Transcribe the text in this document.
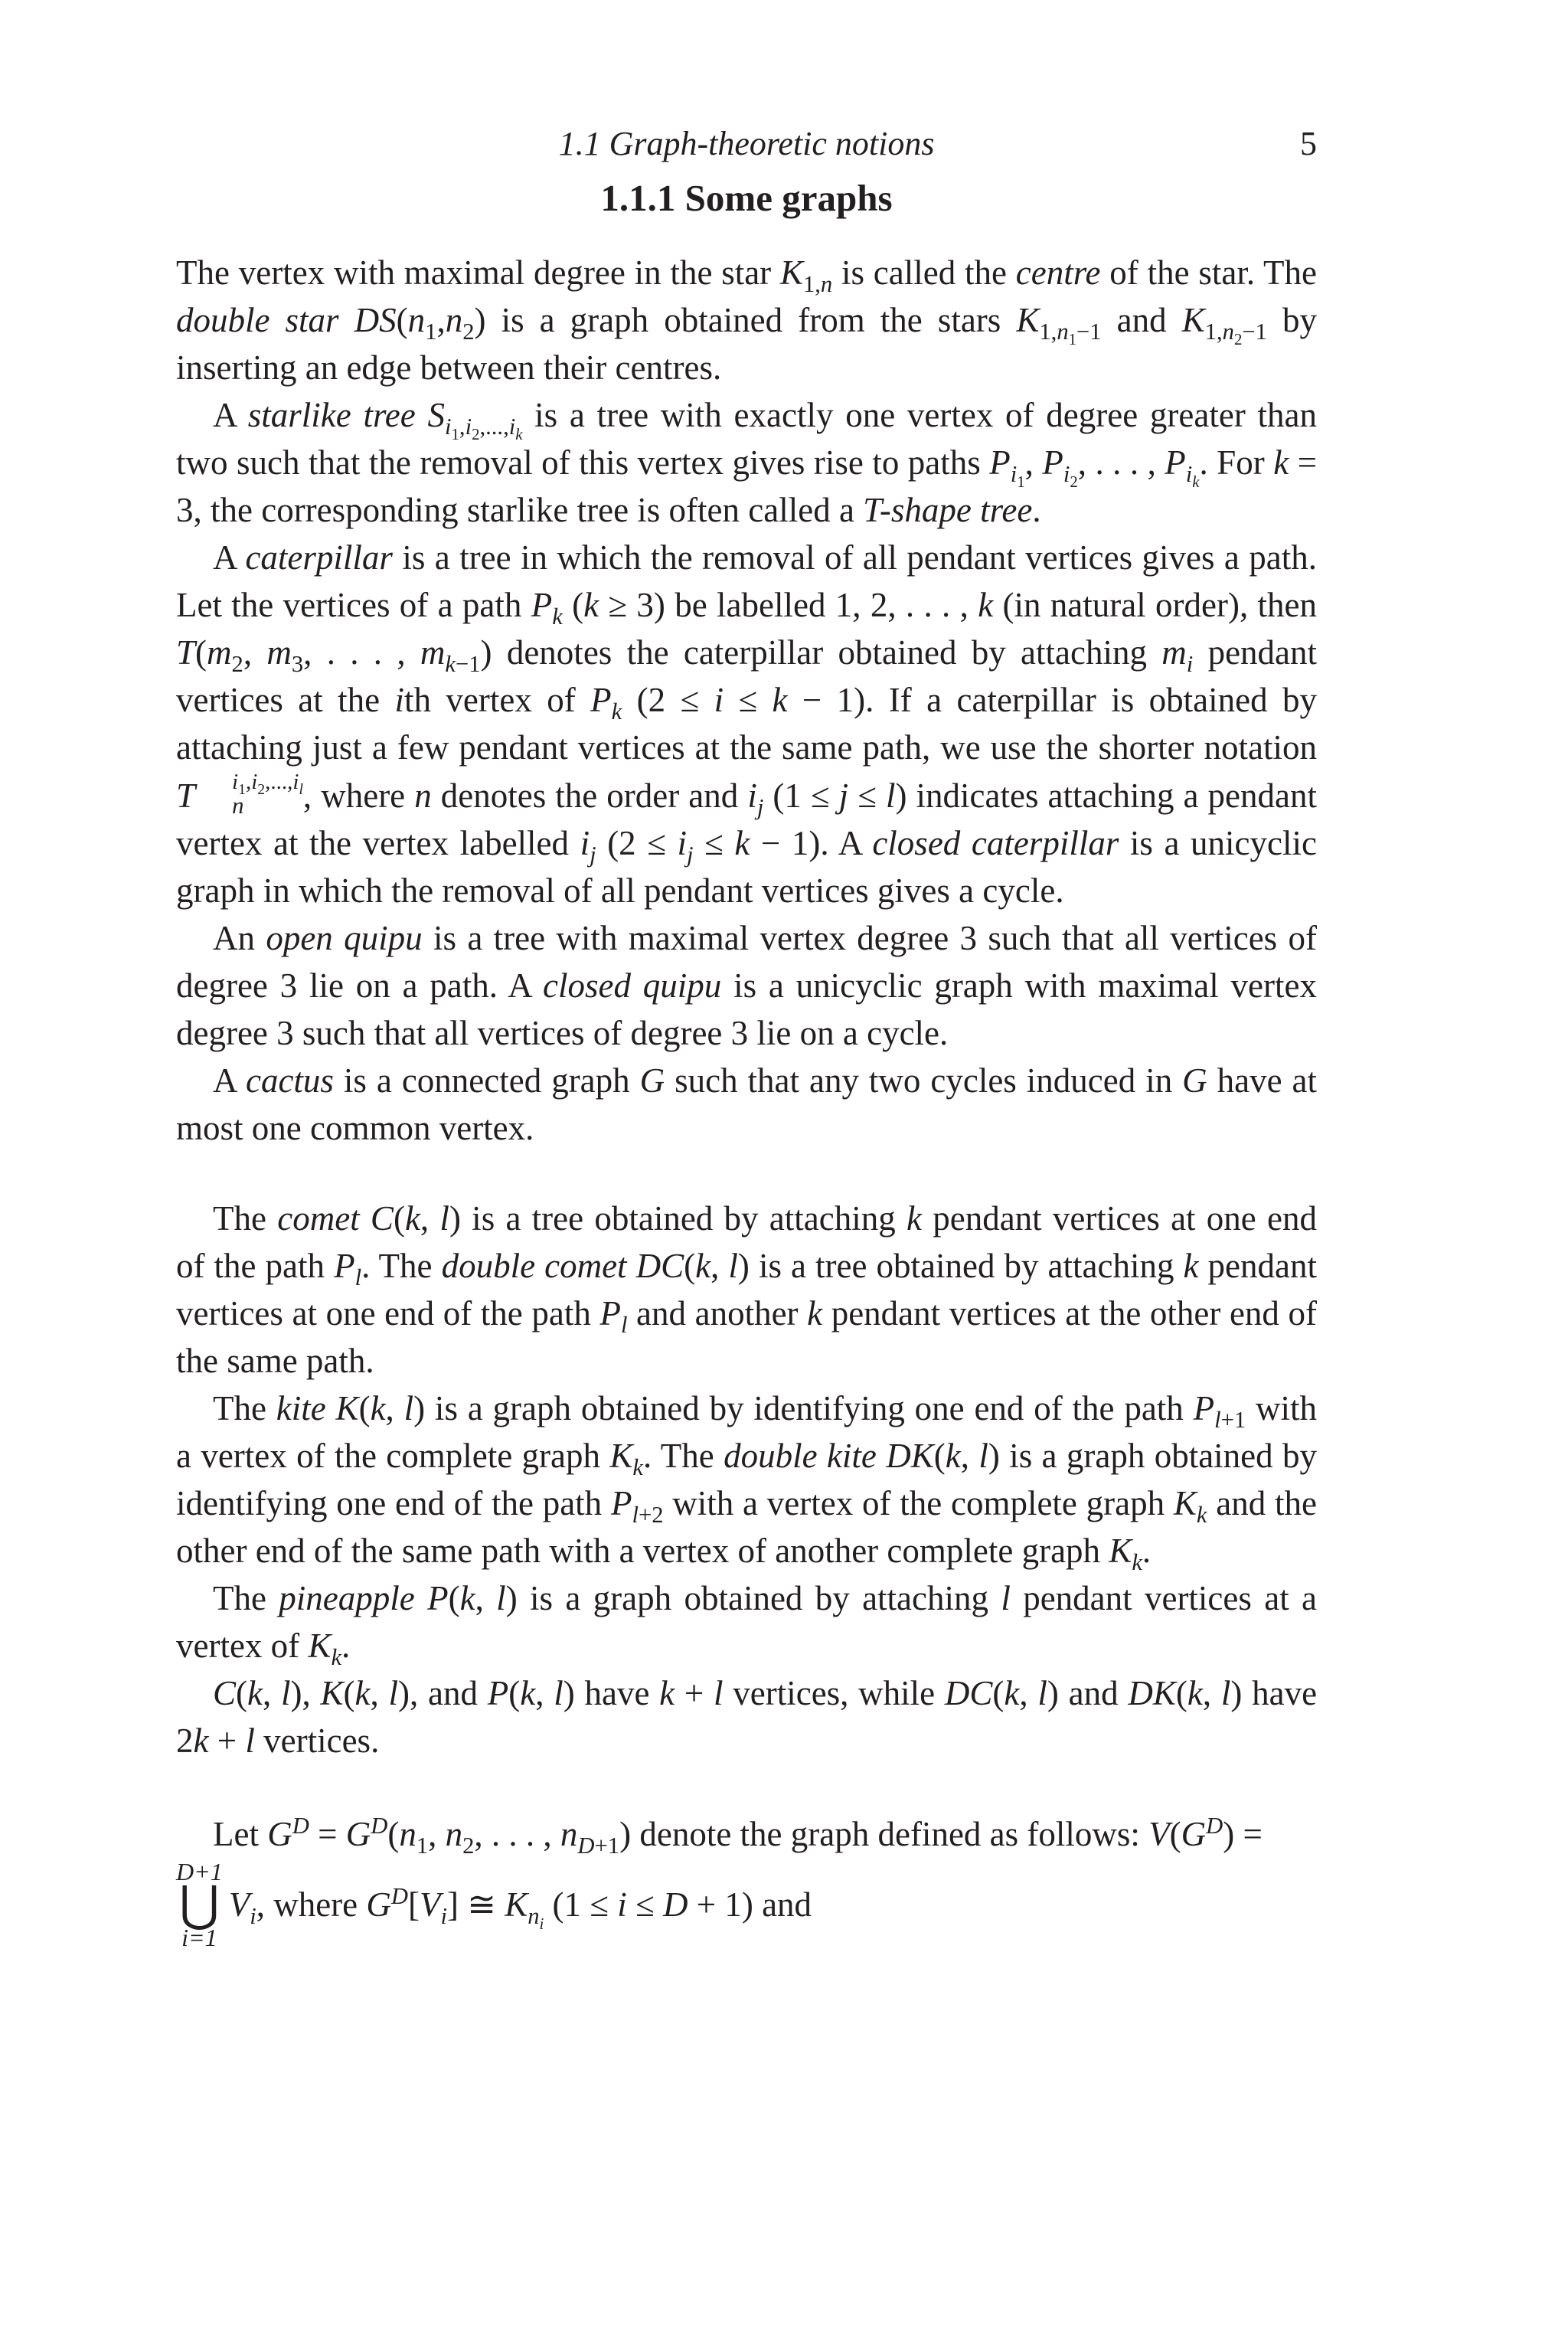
1.1 Graph-theoretic notions	5
1.1.1 Some graphs

The vertex with maximal degree in the star $K_{1,n}$ is called the centre of the star. The double star $DS(n_1,n_2)$ is a graph obtained from the stars $K_{1,n_1-1}$ and $K_{1,n_2-1}$ by inserting an edge between their centres.

A starlike tree $S_{i_1,i_2,...,i_k}$ is a tree with exactly one vertex of degree greater than two such that the removal of this vertex gives rise to paths $P_{i_1}$, $P_{i_2}$, . . . , $P_{i_k}$. For k = 3, the corresponding starlike tree is often called a T-shape tree.

A caterpillar is a tree in which the removal of all pendant vertices gives a path. Let the vertices of a path $P_k$ (k ≥ 3) be labelled 1, 2, . . . , k (in natural order), then $T(m_2$, $m_3$, . . . , $m_{k-1}$) denotes the caterpillar obtained by attaching $m_i$ pendant vertices at the ith vertex of $P_k$ (2 ≤ i ≤ k − 1). If a caterpillar is obtained by attaching just a few pendant vertices at the same path, we use the shorter notation T	$i_1,i_2,...,i_l$
n	, where n denotes the order and $i_j$ (1 ≤ j ≤ l) indicates attaching a pendant vertex at the vertex labelled $i_j$ $(2 \le i_j \le k - 1)$. A closed caterpillar is a unicyclic graph in which the removal of all pendant vertices gives a cycle.

An open quipu is a tree with maximal vertex degree 3 such that all vertices of degree 3 lie on a path. A closed quipu is a unicyclic graph with maximal vertex degree 3 such that all vertices of degree 3 lie on a cycle.

A cactus is a connected graph G such that any two cycles induced in G have at most one common vertex.

The comet C(k, l) is a tree obtained by attaching k pendant vertices at one end of the path $P_l$. The double comet DC(k, l) is a tree obtained by attaching k pendant vertices at one end of the path $P_l$ and another k pendant vertices at the other end of the same path.

The kite K(k, l) is a graph obtained by identifying one end of the path $P_{l+1}$ with a vertex of the complete graph $K_k$. The double kite DK(k, l) is a graph obtained by identifying one end of the path $P_{l+2}$ with a vertex of the complete graph $K_k$ and the other end of the same path with a vertex of another complete graph $K_k$.

The pineapple P(k, l) is a graph obtained by attaching l pendant vertices at a vertex of $K_k$.

C(k, l), K(k, l), and P(k, l) have k + l vertices, while DC(k, l) and DK(k, l) have 2k + l vertices.

Let $G^D = G^D(n_1$, $n_2$, . . . , $n_{D+1}$) denote the graph defined as follows: $V(G^D)$ =

D+1
⋃
i=1
$V_i$, where $G^D[V_i]$ ≅ $K_{n_i}$ (1 ≤ i ≤ D + 1) and
